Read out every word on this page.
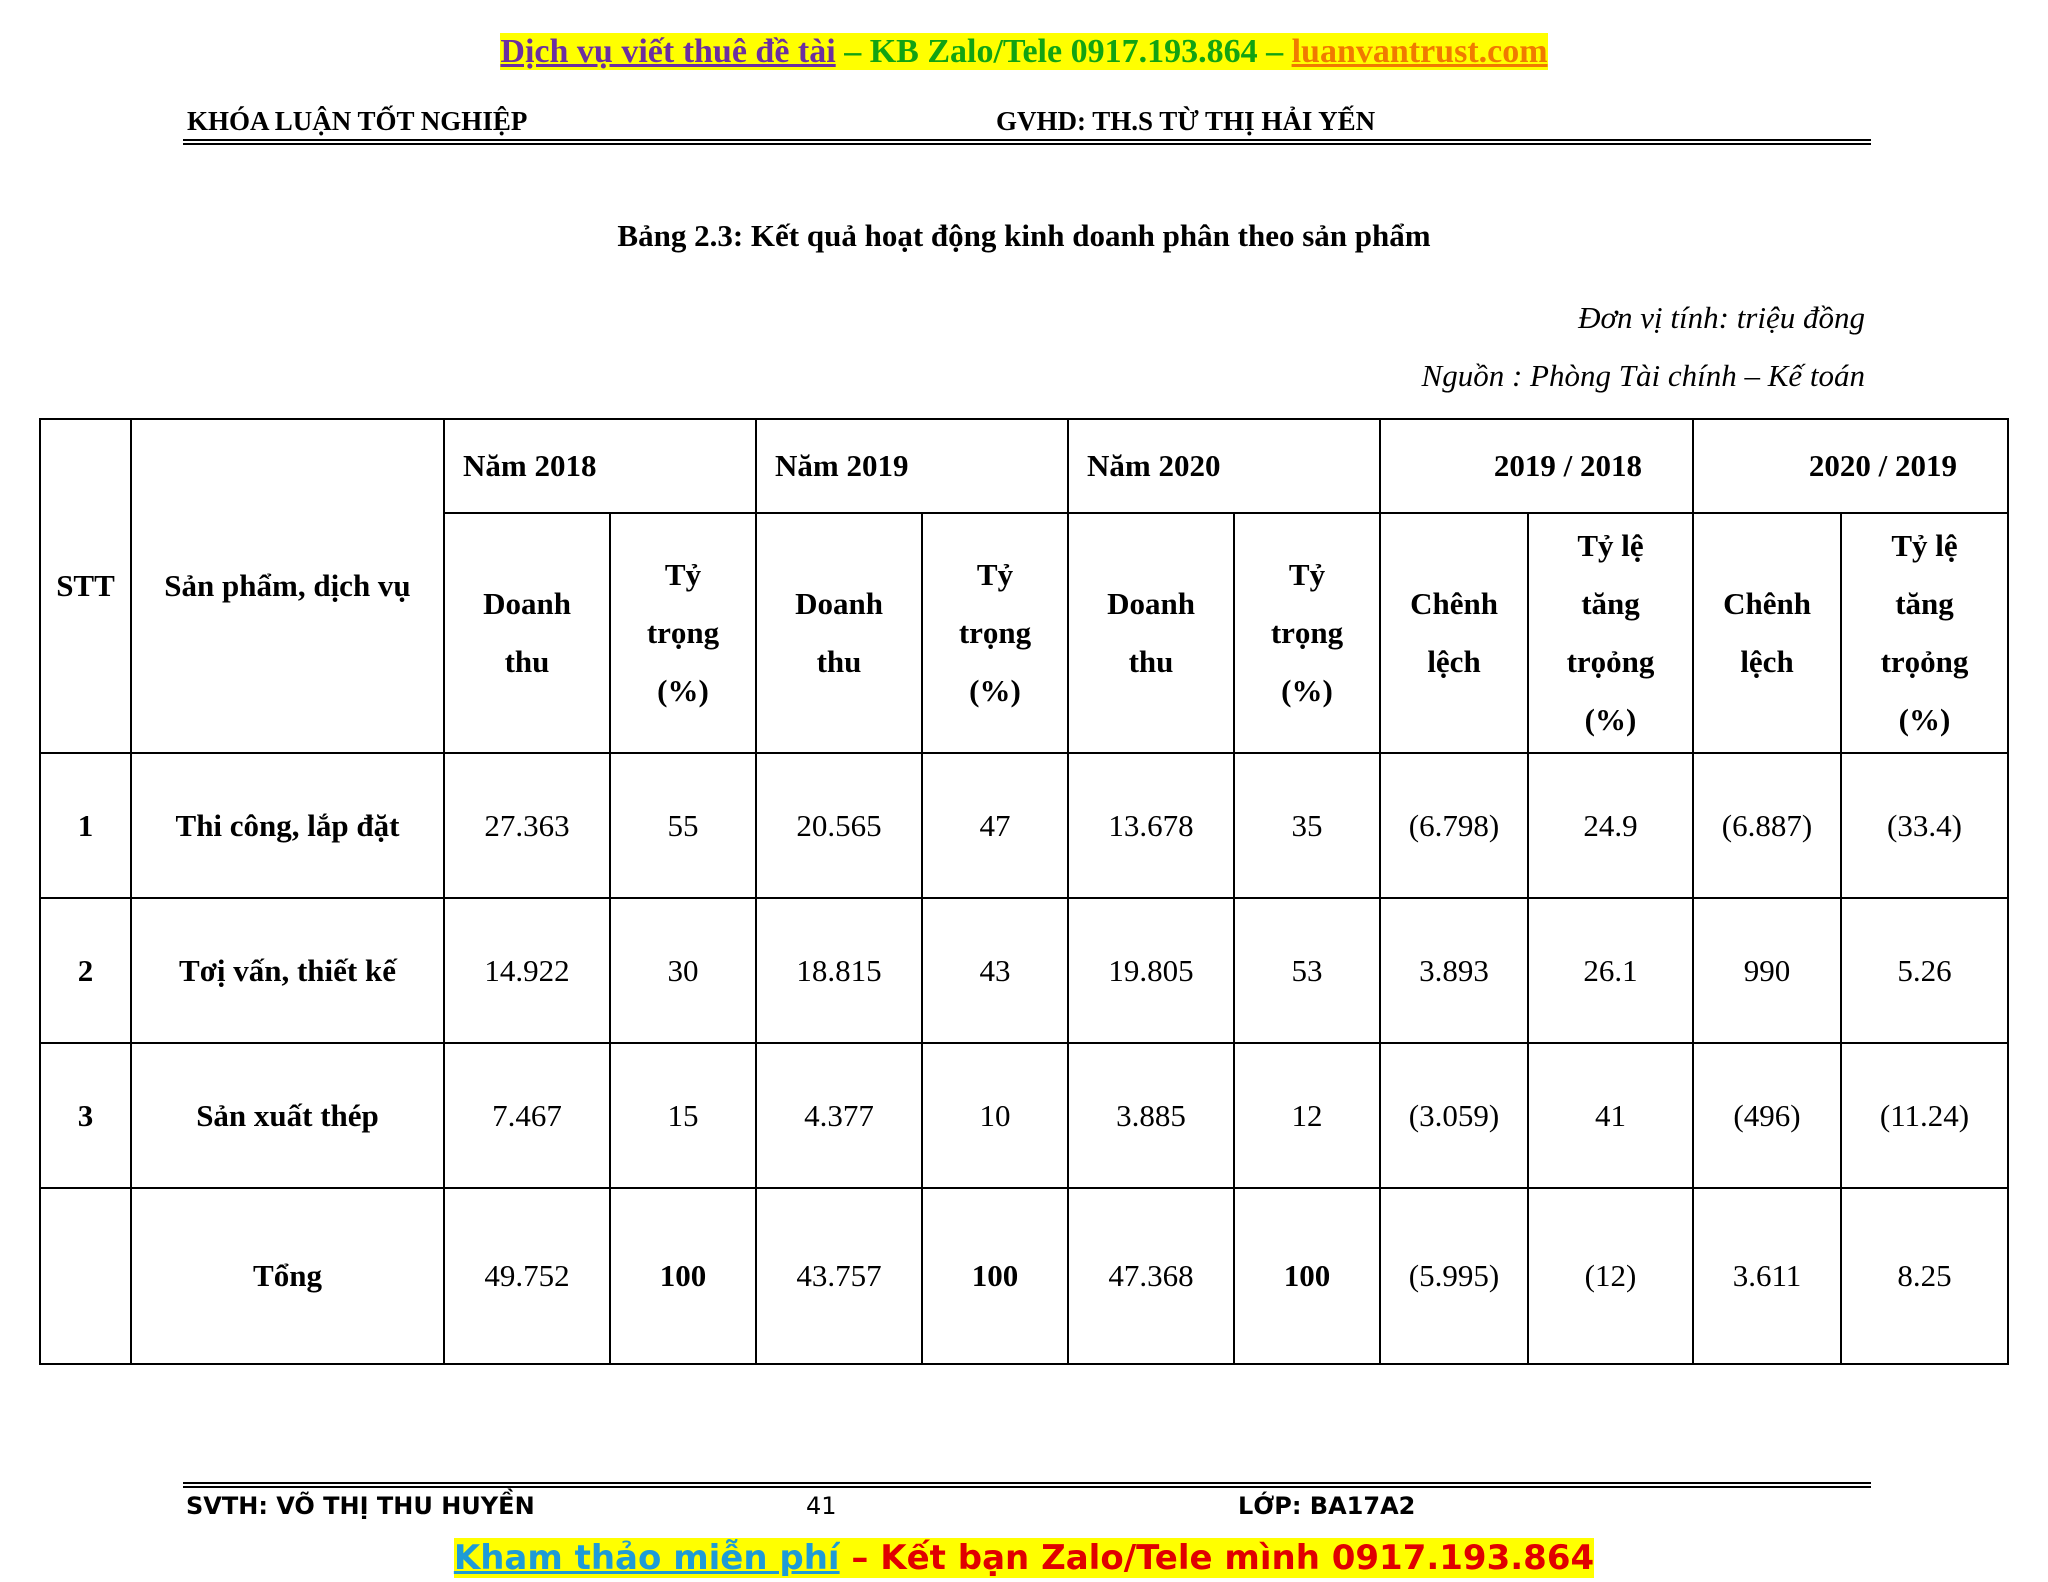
Dịch vụ viết thuê đề tài – KB Zalo/Tele 0917.193.864 – luanvantrust.com
KHÓA LUẬN TỐT NGHIỆP	GVHD: TH.S TỪ THỊ HẢI YẾN
Bảng 2.3: Kết quả hoạt động kinh doanh phân theo sản phẩm
Đơn vị tính: triệu đồng
Nguồn : Phòng Tài chính – Kế toán
STT	Sản phẩm, dịch vụ	Năm 2018		Năm 2019		Năm 2020		2019 / 2018		2020 / 2019	
		Doanh
thu	Tỷ
trọng
(%)	Doanh
thu	Tỷ
trọng
(%)	Doanh
thu	Tỷ
trọng
(%)	Chênh
lệch	Tỷ lệ
tăng
trọỏng
(%)	Chênh
lệch	Tỷ lệ
tăng
trọỏng
(%)
1	Thi công, lắp đặt	27.363	55	20.565	47	13.678	35	(6.798)	24.9	(6.887)	(33.4)
2	Tơị vấn, thiết kế	14.922	30	18.815	43	19.805	53	3.893	26.1	990	5.26
3	Sản xuất thép	7.467	15	4.377	10	3.885	12	(3.059)	41	(496)	(11.24)
	Tổng	49.752	100	43.757	100	47.368	100	(5.995)	(12)	3.611	8.25
SVTH: VÕ THỊ THU HUYỀN	41	LỚP: BA17A2
Kham thảo miễn phí – Kết bạn Zalo/Tele mình 0917.193.864
